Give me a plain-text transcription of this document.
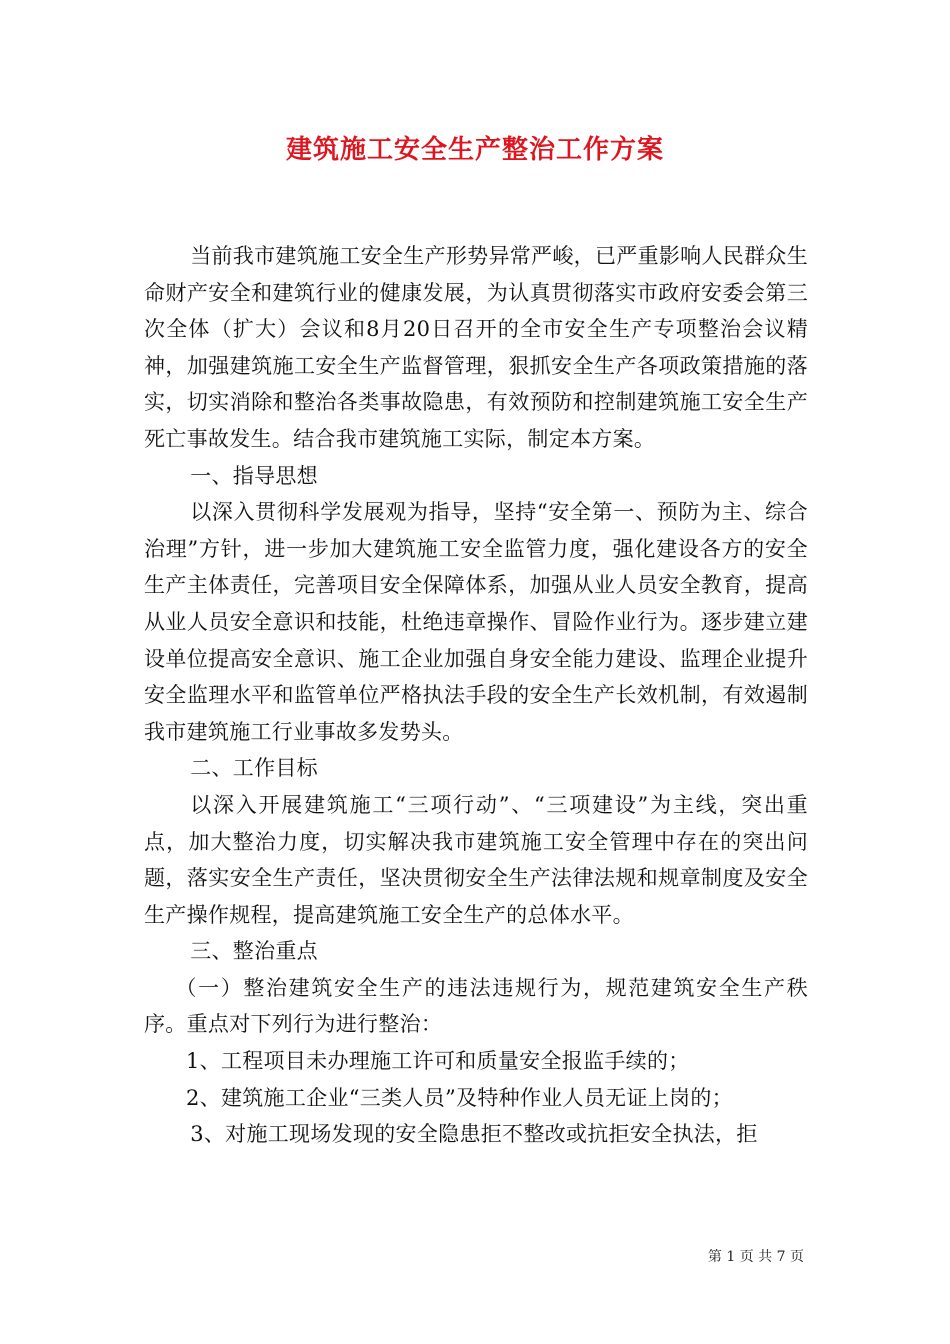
建筑施工安全生产整治工作方案

当前我市建筑施工安全生产形势异常严峻，已严重影响人民群众生命财产安全和建筑行业的健康发展，为认真贯彻落实市政府安委会第三次全体（扩大）会议和8月20日召开的全市安全生产专项整治会议精神，加强建筑施工安全生产监督管理，狠抓安全生产各项政策措施的落实，切实消除和整治各类事故隐患，有效预防和控制建筑施工安全生产死亡事故发生。结合我市建筑施工实际，制定本方案。

一、指导思想

以深入贯彻科学发展观为指导，坚持“安全第一、预防为主、综合治理”方针，进一步加大建筑施工安全监管力度，强化建设各方的安全生产主体责任，完善项目安全保障体系，加强从业人员安全教育，提高从业人员安全意识和技能，杜绝违章操作、冒险作业行为。逐步建立建设单位提高安全意识、施工企业加强自身安全能力建设、监理企业提升安全监理水平和监管单位严格执法手段的安全生产长效机制，有效遏制我市建筑施工行业事故多发势头。

二、工作目标

以深入开展建筑施工“三项行动”、“三项建设”为主线，突出重点，加大整治力度，切实解决我市建筑施工安全管理中存在的突出问题，落实安全生产责任，坚决贯彻安全生产法律法规和规章制度及安全生产操作规程，提高建筑施工安全生产的总体水平。

三、整治重点

（一）整治建筑安全生产的违法违规行为，规范建筑安全生产秩序。重点对下列行为进行整治：

1、工程项目未办理施工许可和质量安全报监手续的；

2、建筑施工企业“三类人员”及特种作业人员无证上岗的；

3、对施工现场发现的安全隐患拒不整改或抗拒安全执法，拒

第 1 页 共 7 页
